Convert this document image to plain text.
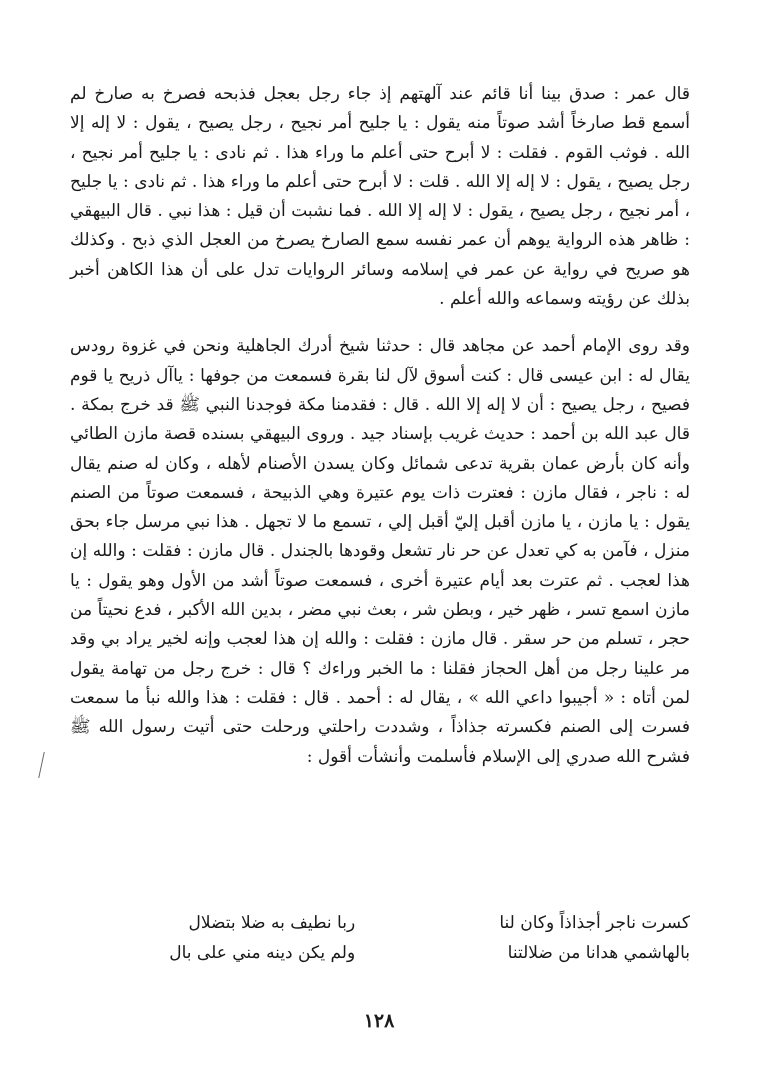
قال عمر : صدق بينا أنا قائم عند آلهتهم إذ جاء رجل بعجل فذبحه فصرخ به صارخ لم أسمع قط صارخاً أشد صوتاً منه يقول : يا جليح أمر نجيح ، رجل يصيح ، يقول : لا إله إلا الله . فوثب القوم . فقلت : لا أبرح حتى أعلم ما وراء هذا . ثم نادى : يا جليح أمر نجيح ، رجل يصيح ، يقول : لا إله إلا الله . قلت : لا أبرح حتى أعلم ما وراء هذا . ثم نادى : يا جليح ، أمر نجيح ، رجل يصيح ، يقول : لا إله إلا الله . فما نشبت أن قيل : هذا نبي . قال البيهقي : ظاهر هذه الرواية يوهم أن عمر نفسه سمع الصارخ يصرخ من العجل الذي ذبح . وكذلك هو صريح في رواية عن عمر في إسلامه وسائر الروايات تدل على أن هذا الكاهن أخبر بذلك عن رؤيته وسماعه والله أعلم .

وقد روى الإمام أحمد عن مجاهد قال : حدثنا شيخ أدرك الجاهلية ونحن في غزوة رودس يقال له : ابن عيسى قال : كنت أسوق لآل لنا بقرة فسمعت من جوفها : ياآل ذريح يا قوم فصيح ، رجل يصيح : أن لا إله إلا الله . قال : فقدمنا مكة فوجدنا النبي ﷺ قد خرج بمكة . قال عبد الله بن أحمد : حديث غريب بإسناد جيد . وروى البيهقي بسنده قصة مازن الطائي وأنه كان بأرض عمان بقرية تدعى شمائل وكان يسدن الأصنام لأهله ، وكان له صنم يقال له : ناجر ، فقال مازن : فعترت ذات يوم عتيرة وهي الذبيحة ، فسمعت صوتاً من الصنم يقول : يا مازن ، يا مازن أقبل إليّ أقبل إلي ، تسمع ما لا تجهل . هذا نبي مرسل جاء بحق منزل ، فآمن به كي تعدل عن حر نار تشعل وقودها بالجندل . قال مازن : فقلت : والله إن هذا لعجب . ثم عترت بعد أيام عتيرة أخرى ، فسمعت صوتاً أشد من الأول وهو يقول : يا مازن اسمع تسر ، ظهر خير ، وبطن شر ، بعث نبي مضر ، بدين الله الأكبر ، فدع نحيتاً من حجر ، تسلم من حر سقر . قال مازن : فقلت : والله إن هذا لعجب وإنه لخير يراد بي وقد مر علينا رجل من أهل الحجاز فقلنا : ما الخبر وراءك ؟ قال : خرج رجل من تهامة يقول لمن أتاه : « أجيبوا داعي الله » ، يقال له : أحمد . قال : فقلت : هذا والله نبأ ما سمعت فسرت إلى الصنم فكسرته جذاذاً ، وشددت راحلتي ورحلت حتى أتيت رسول الله ﷺ فشرح الله صدري إلى الإسلام فأسلمت وأنشأت أقول :

كسرت ناجر أجذاذاً وكان لنا
ربا نطيف به ضلا بتضلال
بالهاشمي هدانا من ضلالتنا
ولم يكن دينه مني على بال
١٢٨
